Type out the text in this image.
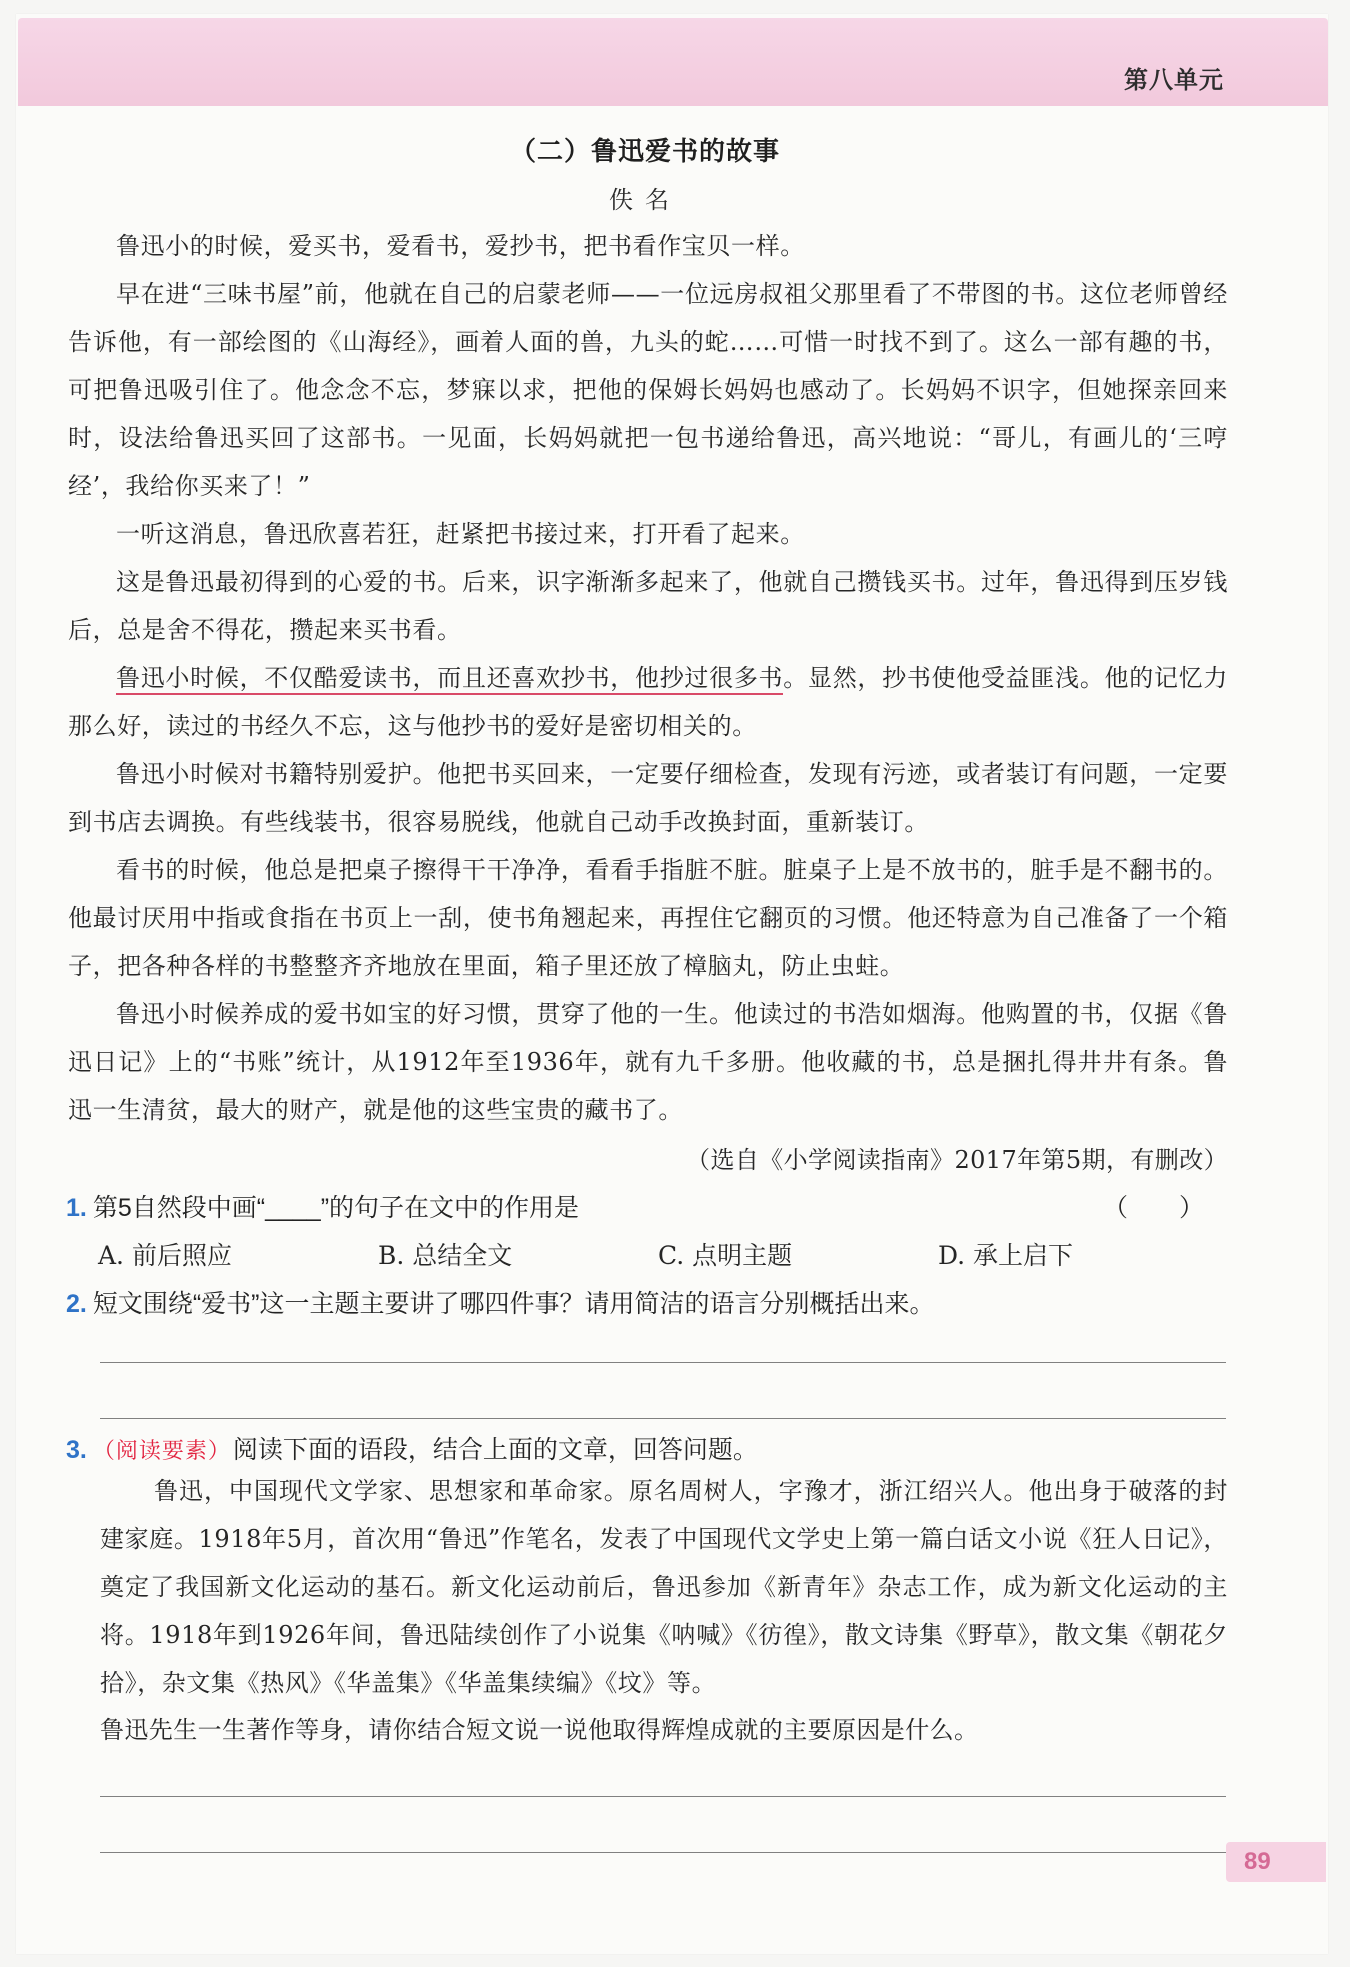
第八单元
（二）鲁迅爱书的故事
佚名

鲁迅小的时候，爱买书，爱看书，爱抄书，把书看作宝贝一样。

早在进“三味书屋”前，他就在自己的启蒙老师——一位远房叔祖父那里看了不带图的书。这位老师曾经告诉他，有一部绘图的《山海经》，画着人面的兽，九头的蛇……可惜一时找不到了。这么一部有趣的书，可把鲁迅吸引住了。他念念不忘，梦寐以求，把他的保姆长妈妈也感动了。长妈妈不识字，但她探亲回来时，设法给鲁迅买回了这部书。一见面，长妈妈就把一包书递给鲁迅，高兴地说：“哥儿，有画儿的‘三哼经’，我给你买来了！”

一听这消息，鲁迅欣喜若狂，赶紧把书接过来，打开看了起来。

这是鲁迅最初得到的心爱的书。后来，识字渐渐多起来了，他就自己攒钱买书。过年，鲁迅得到压岁钱后，总是舍不得花，攒起来买书看。

鲁迅小时候，不仅酷爱读书，而且还喜欢抄书，他抄过很多书。显然，抄书使他受益匪浅。他的记忆力那么好，读过的书经久不忘，这与他抄书的爱好是密切相关的。

鲁迅小时候对书籍特别爱护。他把书买回来，一定要仔细检查，发现有污迹，或者装订有问题，一定要到书店去调换。有些线装书，很容易脱线，他就自己动手改换封面，重新装订。

看书的时候，他总是把桌子擦得干干净净，看看手指脏不脏。脏桌子上是不放书的，脏手是不翻书的。他最讨厌用中指或食指在书页上一刮，使书角翘起来，再捏住它翻页的习惯。他还特意为自己准备了一个箱子，把各种各样的书整整齐齐地放在里面，箱子里还放了樟脑丸，防止虫蛀。

鲁迅小时候养成的爱书如宝的好习惯，贯穿了他的一生。他读过的书浩如烟海。他购置的书，仅据《鲁迅日记》上的“书账”统计，从1912年至1936年，就有九千多册。他收藏的书，总是捆扎得井井有条。鲁迅一生清贫，最大的财产，就是他的这些宝贵的藏书了。

（选自《小学阅读指南》2017年第5期，有删改）
1. 第5自然段中画“____”的句子在文中的作用是	（ ）
A. 前后照应	B. 总结全文	C. 点明主题	D. 承上启下
2. 短文围绕“爱书”这一主题主要讲了哪四件事？请用简洁的语言分别概括出来。
3. （阅读要素）阅读下面的语段，结合上面的文章，回答问题。

鲁迅，中国现代文学家、思想家和革命家。原名周树人，字豫才，浙江绍兴人。他出身于破落的封建家庭。1918年5月，首次用“鲁迅”作笔名，发表了中国现代文学史上第一篇白话文小说《狂人日记》，奠定了我国新文化运动的基石。新文化运动前后，鲁迅参加《新青年》杂志工作，成为新文化运动的主将。1918年到1926年间，鲁迅陆续创作了小说集《呐喊》《彷徨》，散文诗集《野草》，散文集《朝花夕拾》，杂文集《热风》《华盖集》《华盖集续编》《坟》等。

鲁迅先生一生著作等身，请你结合短文说一说他取得辉煌成就的主要原因是什么。
89
